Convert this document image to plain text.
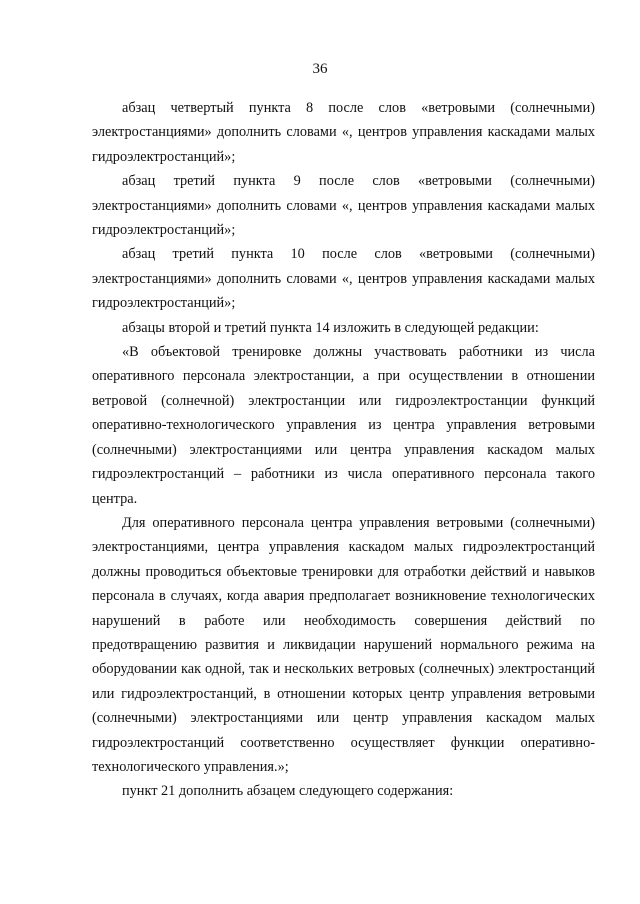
36

абзац четвертый пункта 8 после слов «ветровыми (солнечными) электростанциями» дополнить словами «, центров управления каскадами малых гидроэлектростанций»;

абзац третий пункта 9 после слов «ветровыми (солнечными) электростанциями» дополнить словами «, центров управления каскадами малых гидроэлектростанций»;

абзац третий пункта 10 после слов «ветровыми (солнечными) электростанциями» дополнить словами «, центров управления каскадами малых гидроэлектростанций»;

абзацы второй и третий пункта 14 изложить в следующей редакции:

«В объектовой тренировке должны участвовать работники из числа оперативного персонала электростанции, а при осуществлении в отношении ветровой (солнечной) электростанции или гидроэлектростанции функций оперативно-технологического управления из центра управления ветровыми (солнечными) электростанциями или центра управления каскадом малых гидроэлектростанций – работники из числа оперативного персонала такого центра.

Для оперативного персонала центра управления ветровыми (солнечными) электростанциями, центра управления каскадом малых гидроэлектростанций должны проводиться объектовые тренировки для отработки действий и навыков персонала в случаях, когда авария предполагает возникновение технологических нарушений в работе или необходимость совершения действий по предотвращению развития и ликвидации нарушений нормального режима на оборудовании как одной, так и нескольких ветровых (солнечных) электростанций или гидроэлектростанций, в отношении которых центр управления ветровыми (солнечными) электростанциями или центр управления каскадом малых гидроэлектростанций соответственно осуществляет функции оперативно-технологического управления.»;

пункт 21 дополнить абзацем следующего содержания:
